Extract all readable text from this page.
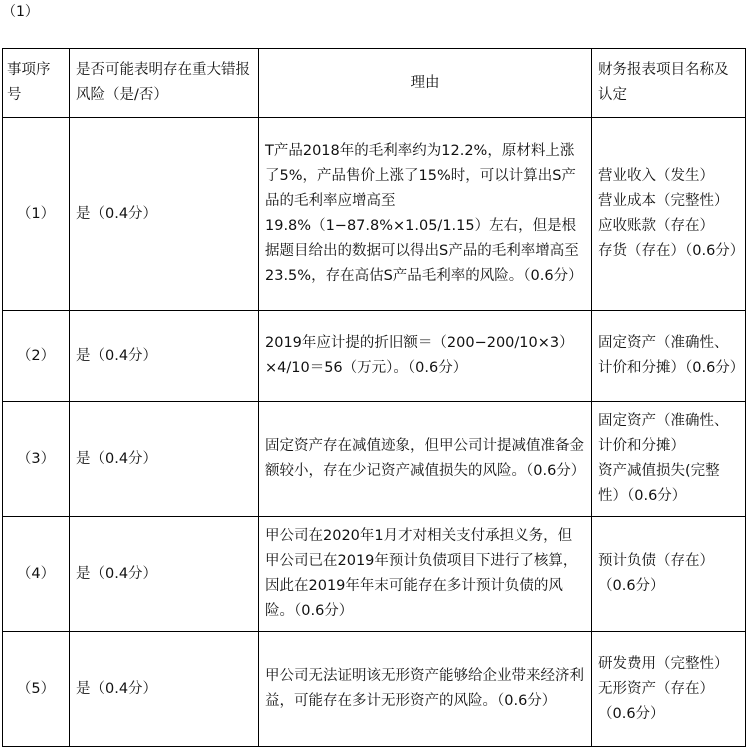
（1）
事项序号	是否可能表明存在重大错报风险（是/否）	理由	财务报表项目名称及认定
（1）	是（0.4分）	T产品2018年的毛利率约为12.2%，原材料上涨了5%，产品售价上涨了15%时，可以计算出S产品的毛利率应增高至19.8%（1−87.8%×1.05/1.15）左右，但是根据题目给出的数据可以得出S产品的毛利率增高至23.5%，存在高估S产品毛利率的风险。（0.6分）	营业收入（发生）
营业成本（完整性）
应收账款（存在）
存货（存在）（0.6分）

（2）	是（0.4分）	2019年应计提的折旧额＝（200−200/10×3）×4/10＝56（万元）。（0.6分）	固定资产（准确性、计价和分摊）（0.6分）

（3）	是（0.4分）	固定资产存在减值迹象，但甲公司计提减值准备金额较小，存在少记资产减值损失的风险。（0.6分）	固定资产（准确性、计价和分摊）
资产减值损失(完整性）（0.6分）

（4）	是（0.4分）	甲公司在2020年1月才对相关支付承担义务，但甲公司已在2019年预计负债项目下进行了核算，因此在2019年年末可能存在多计预计负债的风险。（0.6分）	预计负债（存在）（0.6分）

（5）	是（0.4分）	甲公司无法证明该无形资产能够给企业带来经济利益，可能存在多计无形资产的风险。（0.6分）	研发费用（完整性）
无形资产（存在）（0.6分）
